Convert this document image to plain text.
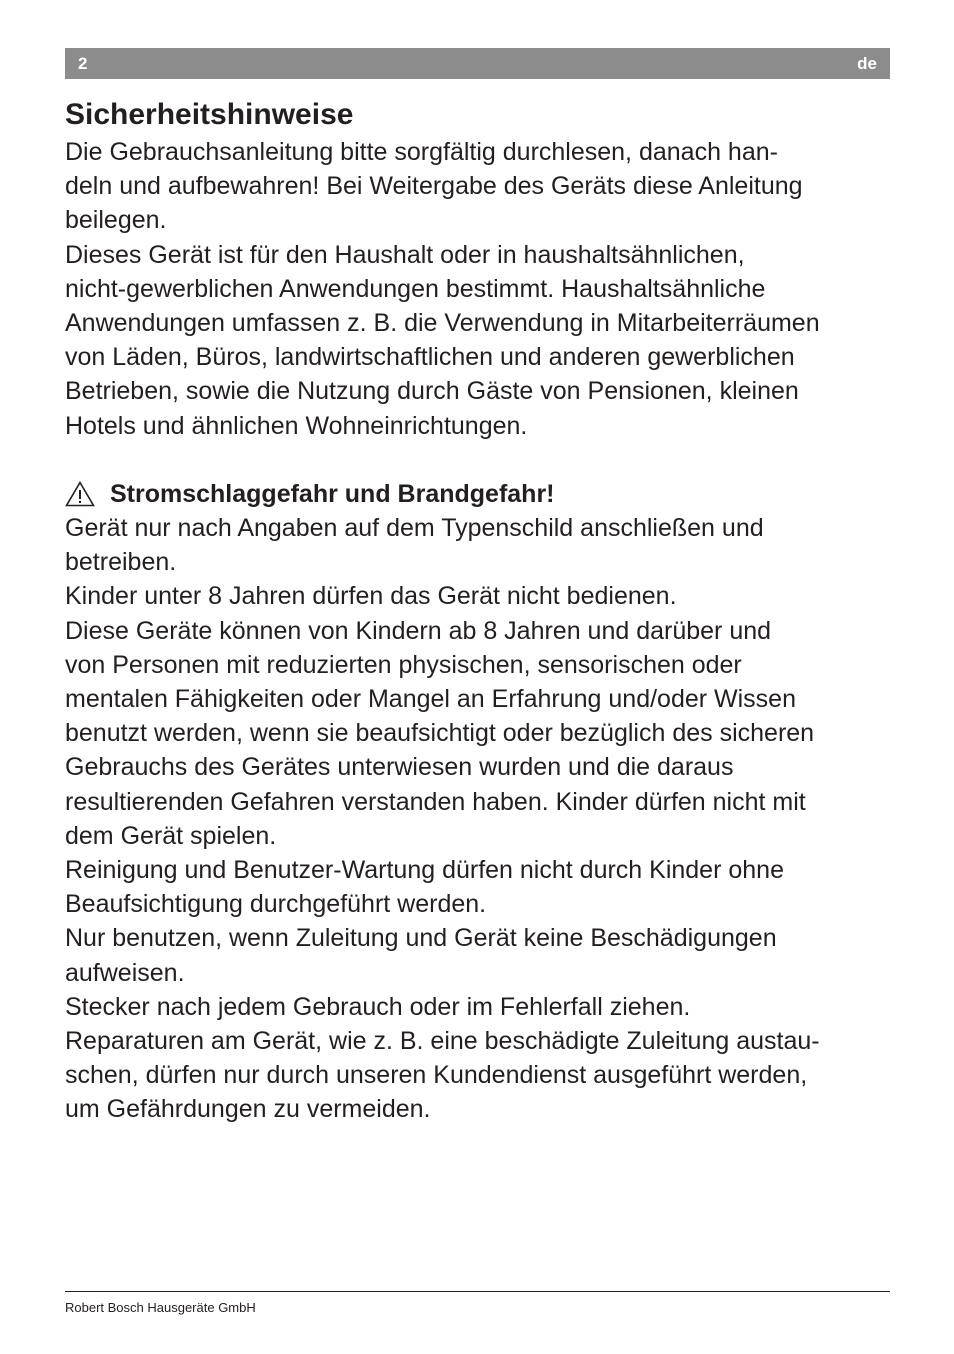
2	de
Sicherheitshinweise

Die Gebrauchsanleitung bitte sorgfältig durchlesen, danach han-
deln und aufbewahren! Bei Weitergabe des Geräts diese Anleitung
beilegen.

Dieses Gerät ist für den Haushalt oder in haushaltsähnlichen,
nicht-gewerblichen Anwendungen bestimmt. Haushaltsähnliche
Anwendungen umfassen z. B. die Verwendung in Mitarbeiterräumen
von Läden, Büros, landwirtschaftlichen und anderen gewerblichen
Betrieben, sowie die Nutzung durch Gäste von Pensionen, kleinen
Hotels und ähnlichen Wohneinrichtungen.

Stromschlaggefahr und Brandgefahr!

Gerät nur nach Angaben auf dem Typenschild anschließen und
betreiben.

Kinder unter 8 Jahren dürfen das Gerät nicht bedienen.

Diese Geräte können von Kindern ab 8 Jahren und darüber und
von Personen mit reduzierten physischen, sensorischen oder
mentalen Fähigkeiten oder Mangel an Erfahrung und/oder Wissen
benutzt werden, wenn sie beaufsichtigt oder bezüglich des sicheren
Gebrauchs des Gerätes unterwiesen wurden und die daraus
resultierenden Gefahren verstanden haben. Kinder dürfen nicht mit
dem Gerät spielen.

Reinigung und Benutzer-Wartung dürfen nicht durch Kinder ohne
Beaufsichtigung durchgeführt werden.

Nur benutzen, wenn Zuleitung und Gerät keine Beschädigungen
aufweisen.

Stecker nach jedem Gebrauch oder im Fehlerfall ziehen.

Reparaturen am Gerät, wie z. B. eine beschädigte Zuleitung austau-
schen, dürfen nur durch unseren Kundendienst ausgeführt werden,
um Gefährdungen zu vermeiden.

Robert Bosch Hausgeräte GmbH
